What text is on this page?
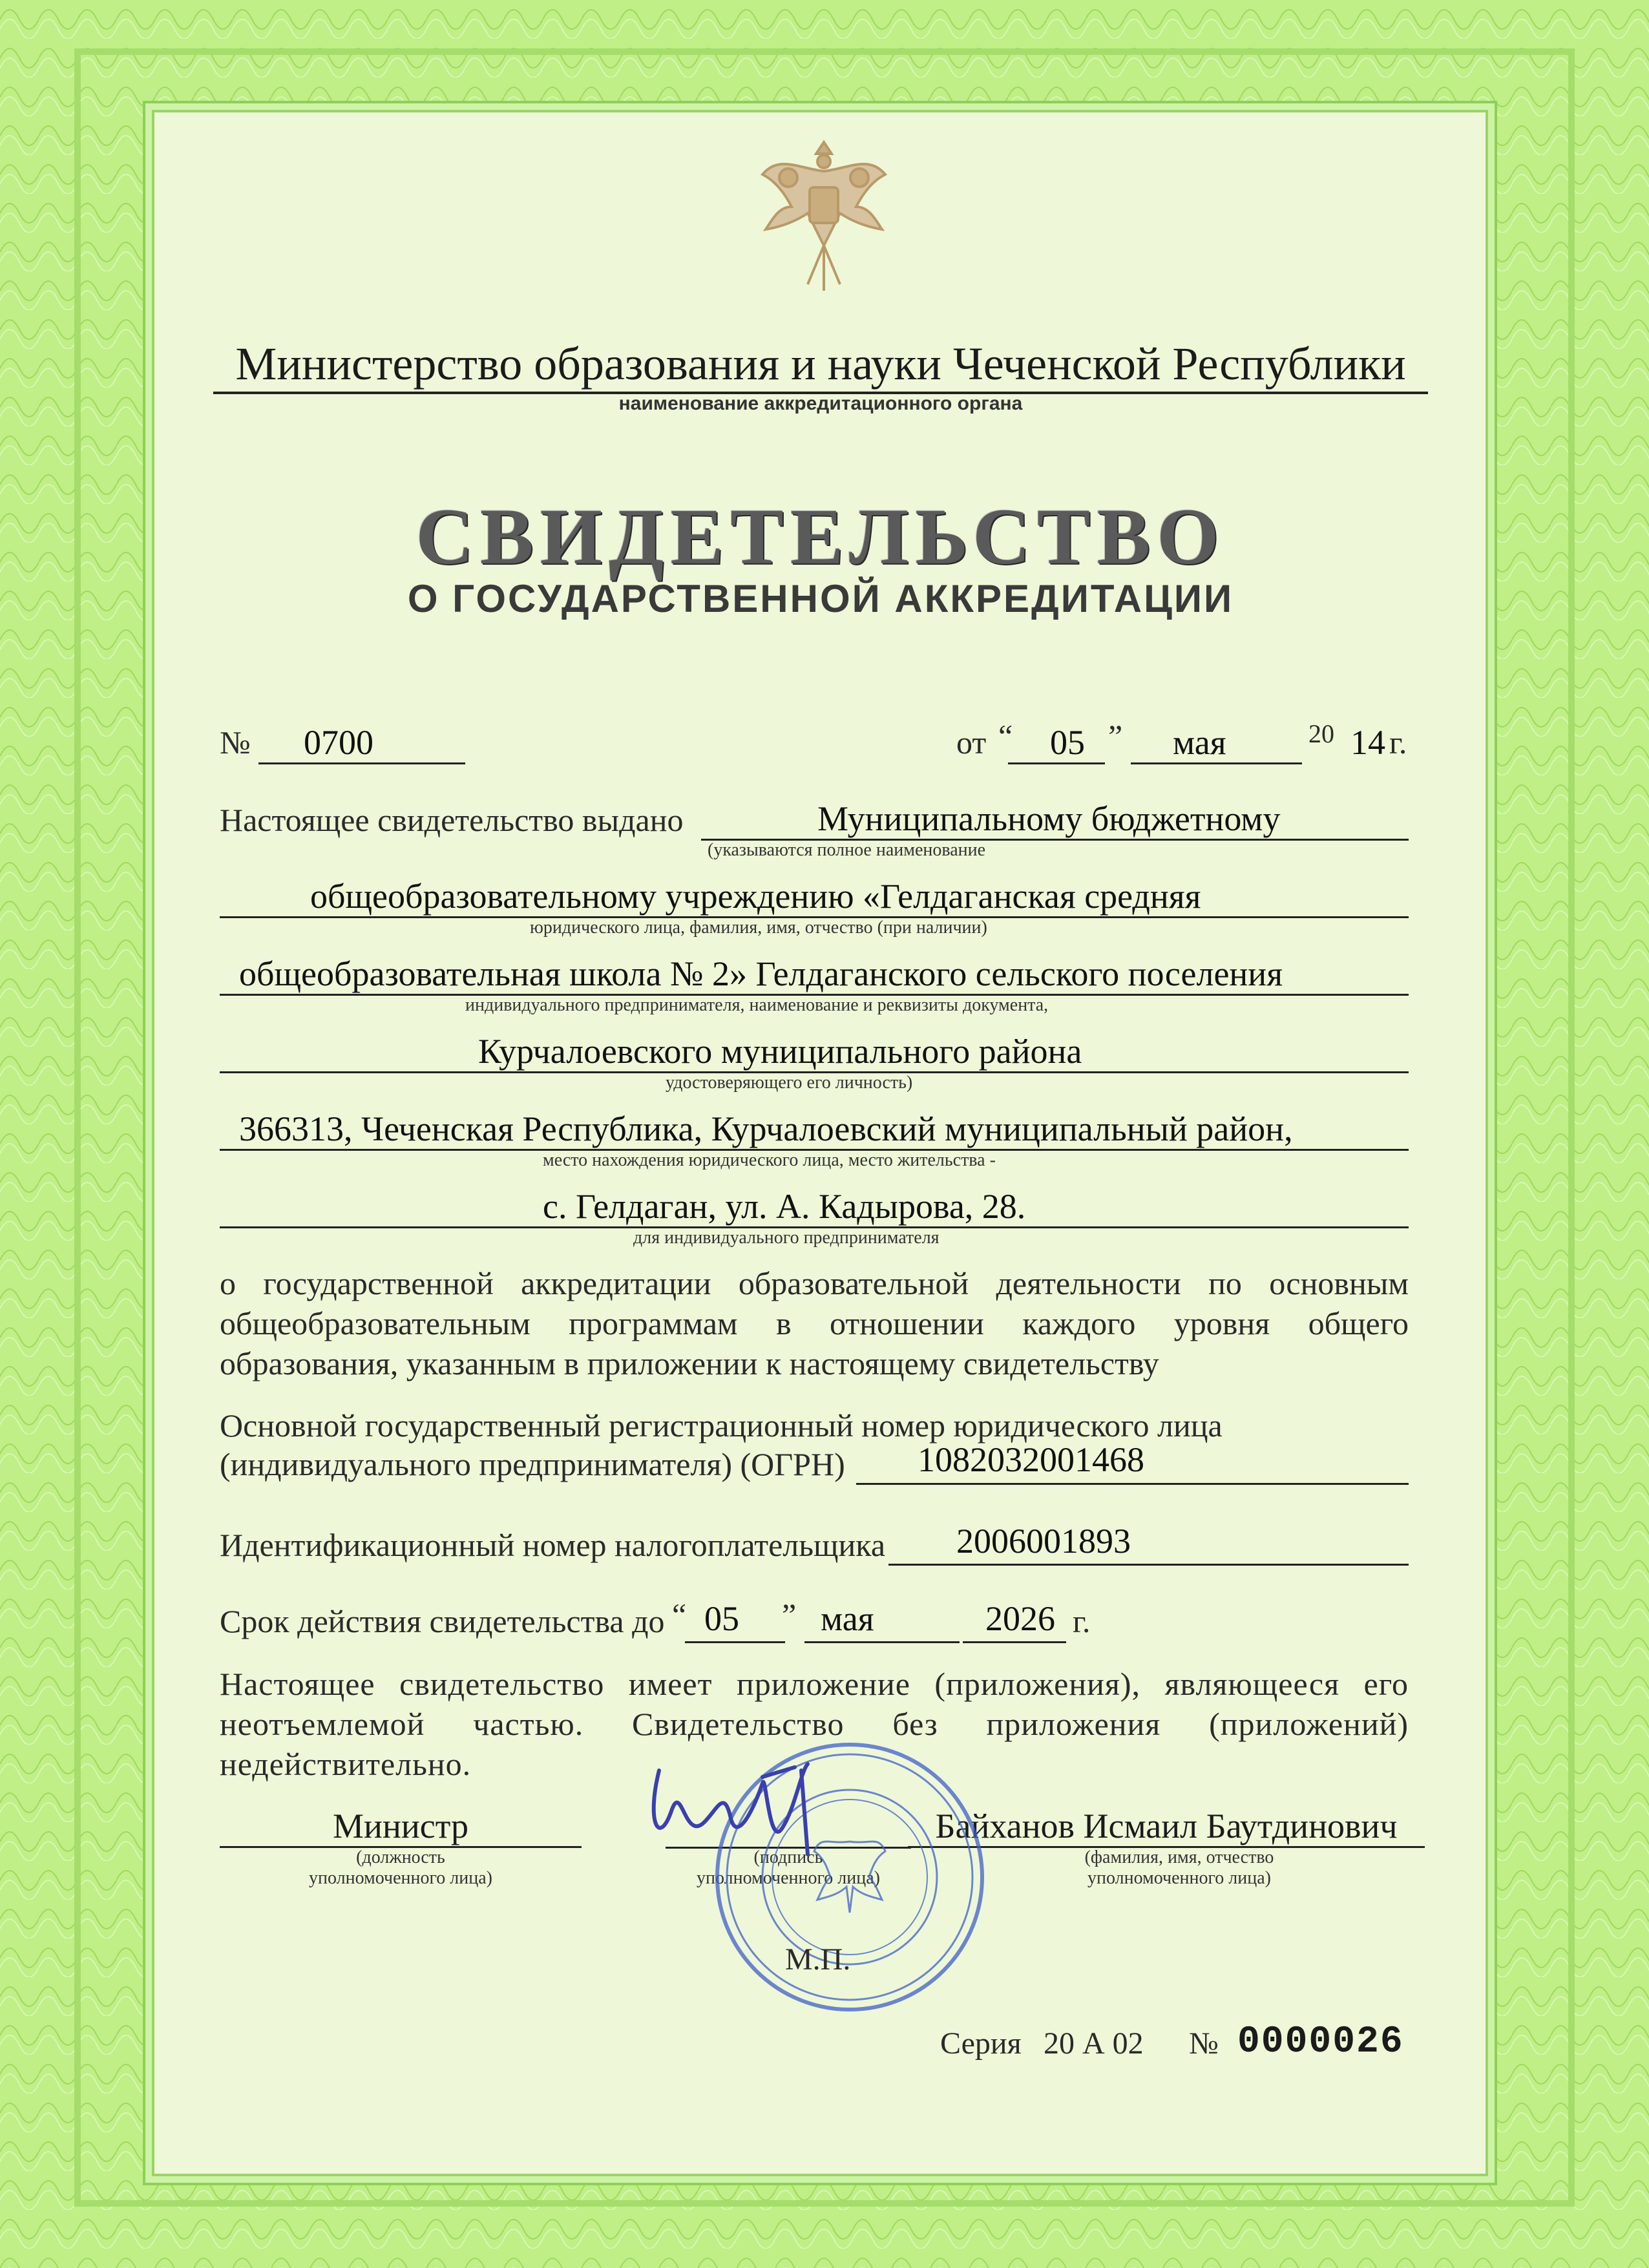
Министерство образования и науки Чеченской Республики
наименование аккредитационного органа
СВИДЕТЕЛЬСТВО
О ГОСУДАРСТВЕННОЙ АККРЕДИТАЦИИ
№ 0700	от “ 05 ” мая	20 14 г.
Настоящее свидетельство выдано	Муниципальному бюджетному
(указываются полное наименование
общеобразовательному учреждению «Гелдаганская средняя
юридического лица, фамилия, имя, отчество (при наличии)
общеобразовательная школа № 2» Гелдаганского сельского поселения
индивидуального предпринимателя, наименование и реквизиты документа,
Курчалоевского муниципального района
удостоверяющего его личность)
366313, Чеченская Республика, Курчалоевский муниципальный район,
место нахождения юридического лица, место жительства -
с. Гелдаган, ул. А. Кадырова, 28.
для индивидуального предпринимателя
о государственной аккредитации образовательной деятельности по основным общеобразовательным программам в отношении каждого уровня общего образования, указанным в приложении к настоящему свидетельству
Основной государственный регистрационный номер юридического лица
(индивидуального предпринимателя) (ОГРН) 1082032001468
Идентификационный номер налогоплательщика 2006001893
Срок действия свидетельства до “ 05 ” мая	2026 г.
Настоящее свидетельство имеет приложение (приложения), являющееся его неотъемлемой частью. Свидетельство без приложения (приложений) недействительно.
Министр
(должность
уполномоченного лица)
(подпись
уполномоченного лица)
Байханов Исмаил Баутдинович
(фамилия, имя, отчество
уполномоченного лица)
М.П.
Серия 20 А 02 № 0000026
